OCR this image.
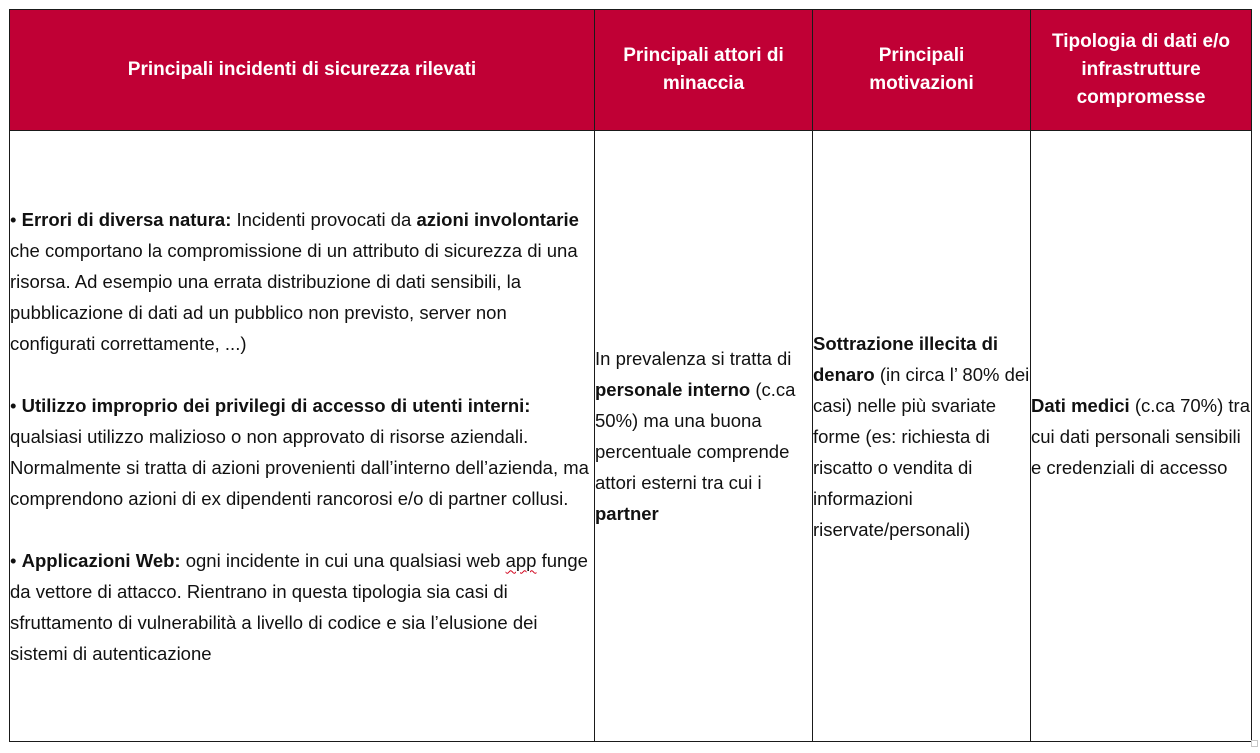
Principali incidenti di sicurezza rilevati	Principali attori di minaccia	Principali motivazioni	Tipologia di dati e/o infrastrutture compromesse

• Errori di diversa natura: Incidenti provocati da azioni involontarie che comportano la compromissione di un attributo di sicurezza di una risorsa. Ad esempio una errata distribuzione di dati sensibili, la pubblicazione di dati ad un pubblico non previsto, server non configurati correttamente, ...)

• Utilizzo improprio dei privilegi di accesso di utenti interni: qualsiasi utilizzo malizioso o non approvato di risorse aziendali. Normalmente si tratta di azioni provenienti dall’interno dell’azienda, ma comprendono azioni di ex dipendenti rancorosi e/o di partner collusi.

• Applicazioni Web: ogni incidente in cui una qualsiasi web app funge da vettore di attacco. Rientrano in questa tipologia sia casi di sfruttamento di vulnerabilità a livello di codice e sia l’elusione dei sistemi di autenticazione	In prevalenza si tratta di personale interno (c.ca 50%) ma una buona percentuale comprende attori esterni tra cui i partner	Sottrazione illecita di denaro (in circa l’ 80% dei casi) nelle più svariate forme (es: richiesta di riscatto o vendita di informazioni riservate/personali)	Dati medici (c.ca 70%) tra cui dati personali sensibili e credenziali di accesso
